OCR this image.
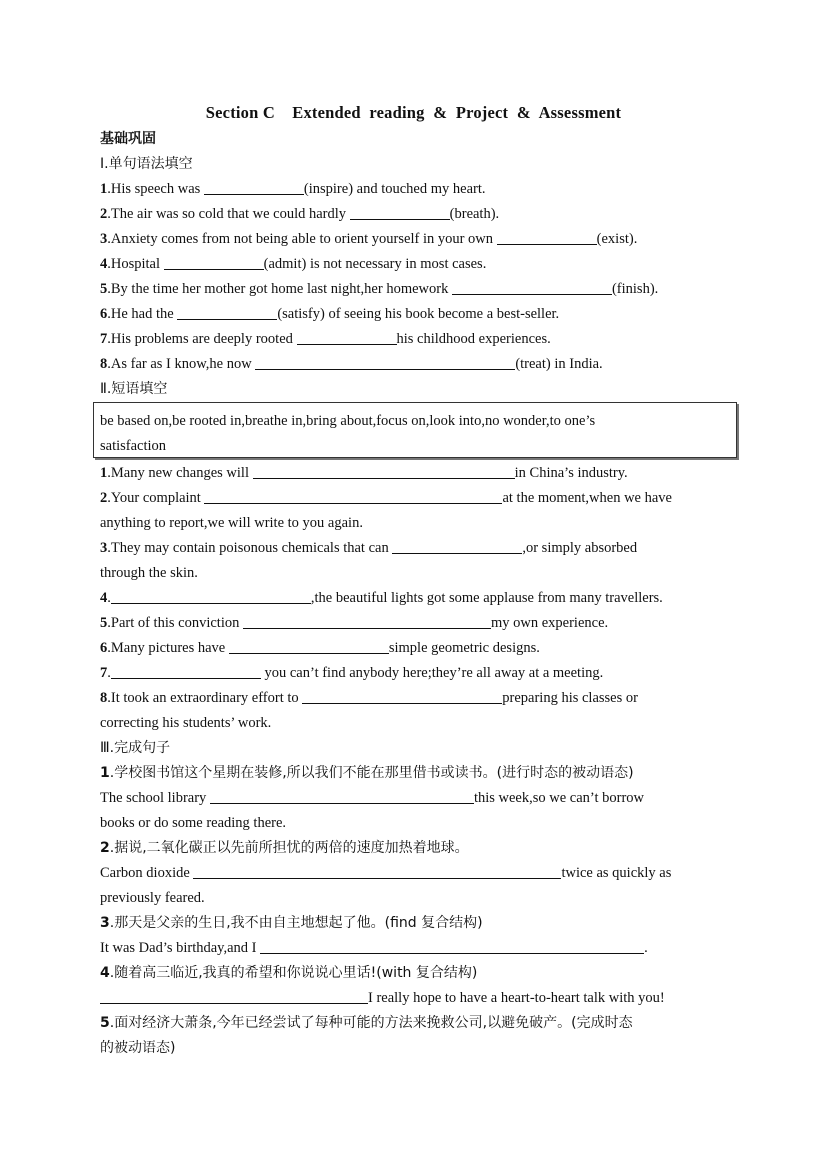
Section C    Extended  reading  &  Project  &  Assessment
基础巩固
Ⅰ.单句语法填空
1.His speech was	(inspire) and touched my heart.
2.The air was so cold that we could hardly	(breath).
3.Anxiety comes from not being able to orient yourself in your own	(exist).
4.Hospital	(admit) is not necessary in most cases.
5.By the time her mother got home last night,her homework	(finish).
6.He had the	(satisfy) of seeing his book become a best-seller.
7.His problems are deeply rooted	his childhood experiences.
8.As far as I know,he now	(treat) in India.
Ⅱ.短语填空
be based on,be rooted in,breathe in,bring about,focus on,look into,no wonder,to one’s
satisfaction
1.Many new changes will	in China’s industry.
2.Your complaint	at the moment,when we have
anything to report,we will write to you again.
3.They may contain poisonous chemicals that can	,or simply absorbed
through the skin.
4.	,the beautiful lights got some applause from many travellers.
5.Part of this conviction	my own experience.
6.Many pictures have	simple geometric designs.
7.	you can’t find anybody here;they’re all away at a meeting.
8.It took an extraordinary effort to	preparing his classes or
correcting his students’ work.
Ⅲ.完成句子
1.学校图书馆这个星期在装修,所以我们不能在那里借书或读书。(进行时态的被动语态)
The school library	this week,so we can’t borrow
books or do some reading there.
2.据说,二氧化碳正以先前所担忧的两倍的速度加热着地球。
Carbon dioxide	twice as quickly as
previously feared.
3.那天是父亲的生日,我不由自主地想起了他。(find 复合结构)
It was Dad’s birthday,and I	.
4.随着高三临近,我真的希望和你说说心里话!(with 复合结构)
I really hope to have a heart-to-heart talk with you!
5.面对经济大萧条,今年已经尝试了每种可能的方法来挽救公司,以避免破产。(完成时态
的被动语态)
